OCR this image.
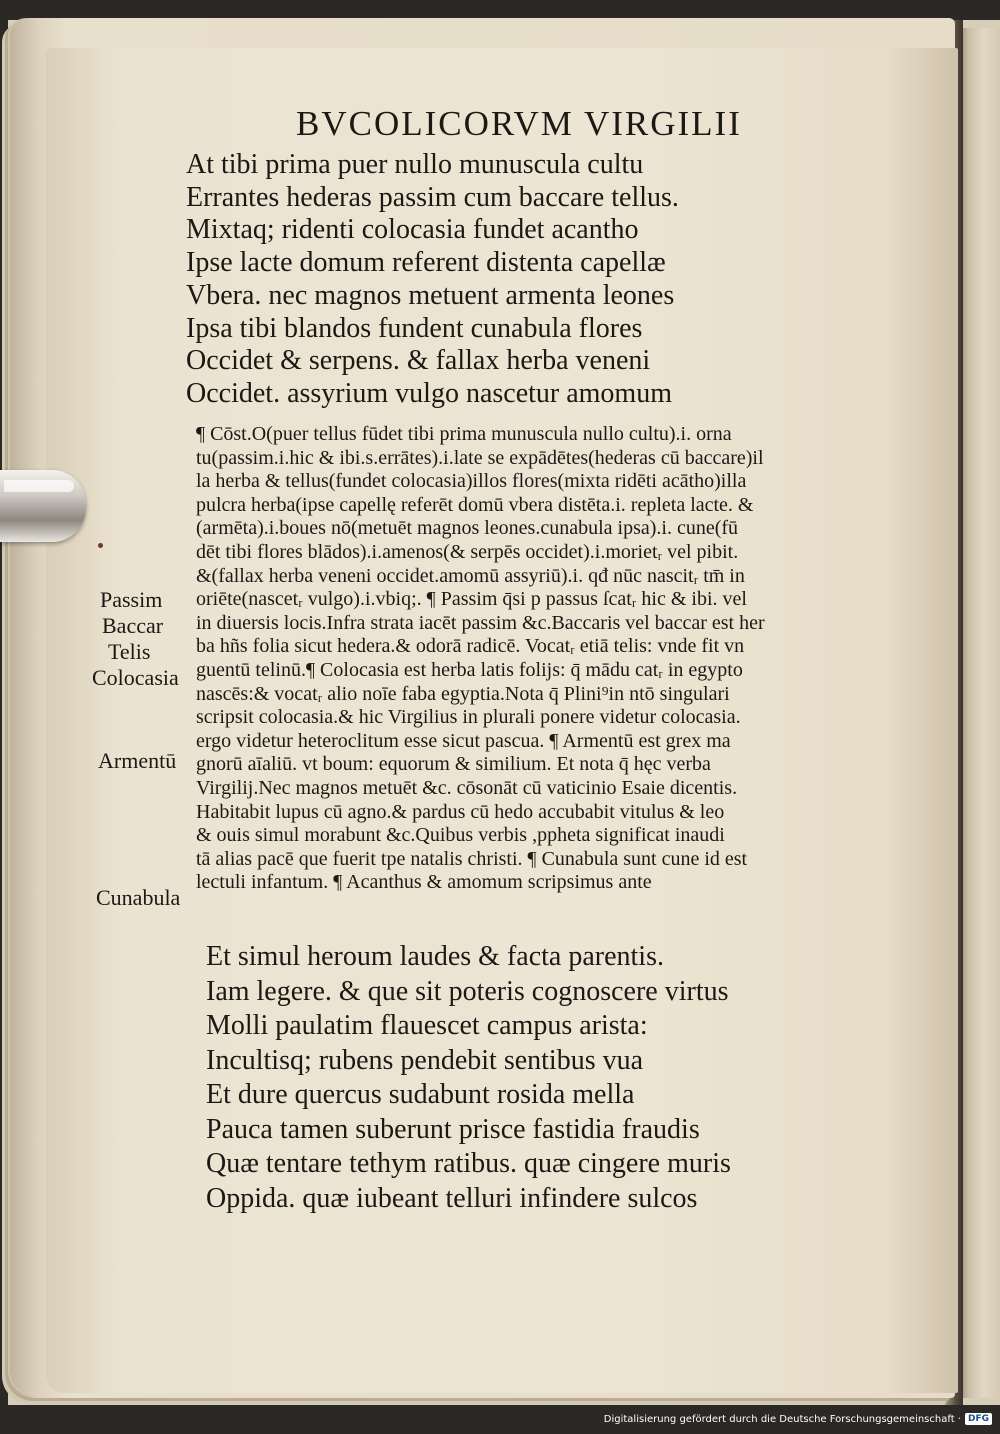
BVCOLICORVM VIRGILII
At tibi prima puer nullo munuscula cultu
Errantes hederas passim cum baccare tellus.
Mixtaq; ridenti colocasia fundet acantho
Ipse lacte domum referent distenta capellæ
Vbera. nec magnos metuent armenta leones
Ipsa tibi blandos fundent cunabula flores
Occidet & serpens. & fallax herba veneni
Occidet. assyrium vulgo nascetur amomum
¶ Cōst.O(puer tellus fūdet tibi prima munuscula nullo cultu).i. orna
tu(passim.i.hic & ibi.s.errātes).i.late se expādētes(hederas cū baccare)il
la herba & tellus(fundet colocasia)illos flores(mixta ridēti acātho)illa
pulcra herba(ipse capellę referēt domū vbera distēta.i. repleta lacte. &
(armēta).i.boues nō(metuēt magnos leones.cunabula ipsa).i. cune(fū
dēt tibi flores blādos).i.amenos(& serpēs occidet).i.morietᵣ vel pibit.
&(fallax herba veneni occidet.amomū assyriū).i. qđ nūc nascitᵣ tm̄ in
oriēte(nascetᵣ vulgo).i.vbiq;. ¶ Passim q̄si p passus ſcatᵣ hic & ibi. vel
in diuersis locis.Infra strata iacēt passim &c.Baccaris vel baccar est her
ba hñs folia sicut hedera.& odorā radicē. Vocatᵣ etiā telis: vnde fit vn
guentū telinū.¶ Colocasia est herba latis folijs: q̄ mādu catᵣ in egypto
nascēs:& vocatᵣ alio noīe faba egyptia.Nota q̄ Plini⁹in ntō singulari
scripsit colocasia.& hic Virgilius in plurali ponere videtur colocasia.
ergo videtur heteroclitum esse sicut pascua. ¶ Armentū est grex ma
gnorū aīaliū. vt boum: equorum & similium. Et nota q̄ hęc verba
Virgilij.Nec magnos metuēt &c. cōsonāt cū vaticinio Esaie dicentis.
Habitabit lupus cū agno.& pardus cū hedo accubabit vitulus & leo
& ouis simul morabunt &c.Quibus verbis ,ppheta significat inaudi
tā alias pacē que fuerit tpe natalis christi. ¶ Cunabula sunt cune id est
lectuli infantum. ¶ Acanthus & amomum scripsimus ante
Passim
Baccar
Telis
Colocasia
Armentū
Cunabula
Et simul heroum laudes & facta parentis.
Iam legere. & que sit poteris cognoscere virtus
Molli paulatim flauescet campus arista:
Incultisq; rubens pendebit sentibus vua
Et dure quercus sudabunt rosida mella
Pauca tamen suberunt prisce fastidia fraudis
Quæ tentare tethym ratibus. quæ cingere muris
Oppida. quæ iubeant telluri infindere sulcos
Digitalisierung gefördert durch die Deutsche Forschungsgemeinschaft · DFG
